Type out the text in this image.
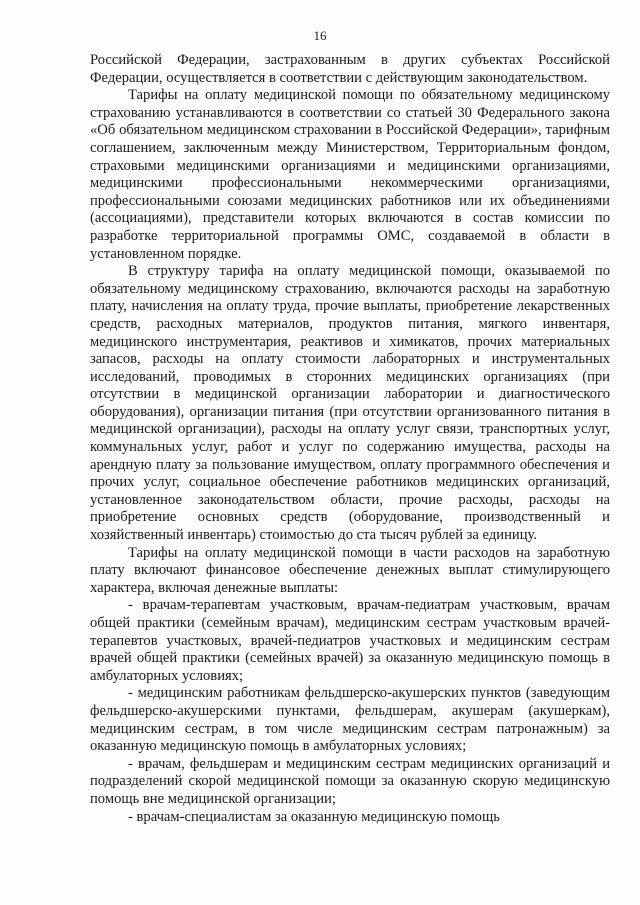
16

Российской Федерации, застрахованным в других субъектах Российской Федерации, осуществляется в соответствии с действующим законодательством.

Тарифы на оплату медицинской помощи по обязательному медицинскому страхованию устанавливаются в соответствии со статьей 30 Федерального закона «Об обязательном медицинском страховании в Российской Федерации», тарифным соглашением, заключенным между Министерством, Территориальным фондом, страховыми медицинскими организациями и медицинскими организациями, медицинскими профессиональными некоммерческими организациями, профессиональными союзами медицинских работников или их объединениями (ассоциациями), представители которых включаются в состав комиссии по разработке территориальной программы ОМС, создаваемой в области в установленном порядке.

В структуру тарифа на оплату медицинской помощи, оказываемой по обязательному медицинскому страхованию, включаются расходы на заработную плату, начисления на оплату труда, прочие выплаты, приобретение лекарственных средств, расходных материалов, продуктов питания, мягкого инвентаря, медицинского инструментария, реактивов и химикатов, прочих материальных запасов, расходы на оплату стоимости лабораторных и инструментальных исследований, проводимых в сторонних медицинских организациях (при отсутствии в медицинской организации лаборатории и диагностического оборудования), организации питания (при отсутствии организованного питания в медицинской организации), расходы на оплату услуг связи, транспортных услуг, коммунальных услуг, работ и услуг по содержанию имущества, расходы на арендную плату за пользование имуществом, оплату программного обеспечения и прочих услуг, социальное обеспечение работников медицинских организаций, установленное законодательством области, прочие расходы, расходы на приобретение основных средств (оборудование, производственный и хозяйственный инвентарь) стоимостью до ста тысяч рублей за единицу.

Тарифы на оплату медицинской помощи в части расходов на заработную плату включают финансовое обеспечение денежных выплат стимулирующего характера, включая денежные выплаты:

- врачам-терапевтам участковым, врачам-педиатрам участковым, врачам общей практики (семейным врачам), медицинским сестрам участковым врачей-терапевтов участковых, врачей-педиатров участковых и медицинским сестрам врачей общей практики (семейных врачей) за оказанную медицинскую помощь в амбулаторных условиях;

- медицинским работникам фельдшерско-акушерских пунктов (заведующим фельдшерско-акушерскими пунктами, фельдшерам, акушерам (акушеркам), медицинским сестрам, в том числе медицинским сестрам патронажным) за оказанную медицинскую помощь в амбулаторных условиях;

- врачам, фельдшерам и медицинским сестрам медицинских организаций и подразделений скорой медицинской помощи за оказанную скорую медицинскую помощь вне медицинской организации;

- врачам-специалистам за оказанную медицинскую помощь
